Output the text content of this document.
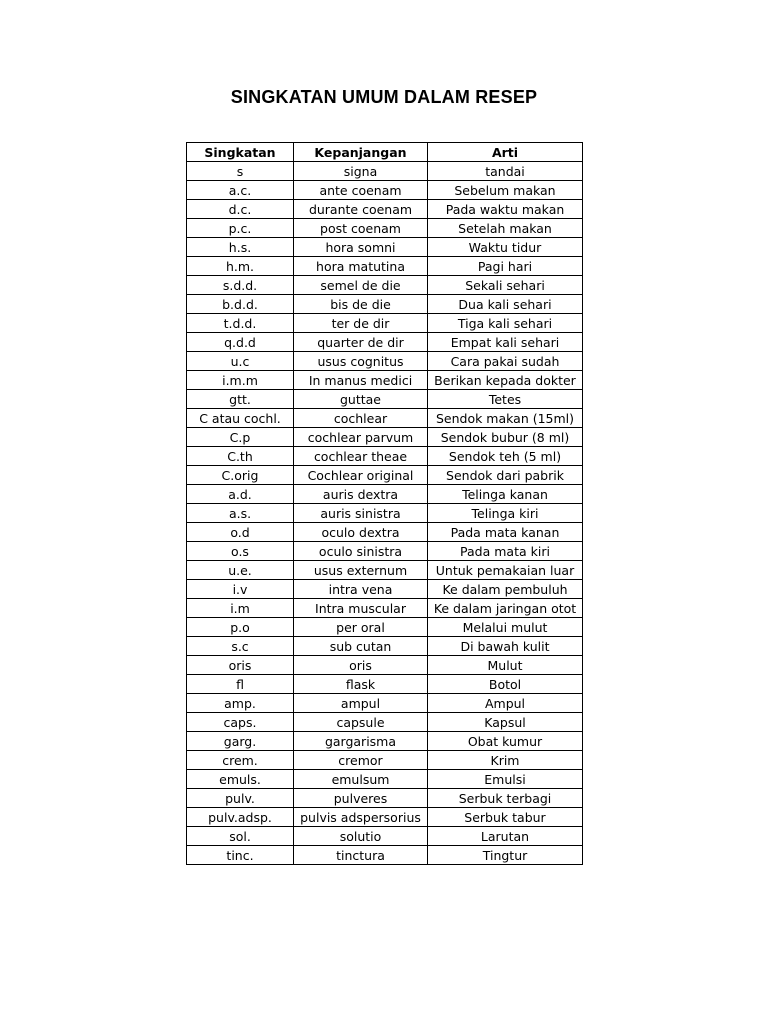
SINGKATAN UMUM DALAM RESEP
Singkatan	Kepanjangan	Arti
s	signa	tandai
a.c.	ante coenam	Sebelum makan
d.c.	durante coenam	Pada waktu makan
p.c.	post coenam	Setelah makan
h.s.	hora somni	Waktu tidur
h.m.	hora matutina	Pagi hari
s.d.d.	semel de die	Sekali sehari
b.d.d.	bis de die	Dua kali sehari
t.d.d.	ter de dir	Tiga kali sehari
q.d.d	quarter de dir	Empat kali sehari
u.c	usus cognitus	Cara pakai sudah
i.m.m	In manus medici	Berikan kepada dokter
gtt.	guttae	Tetes
C atau cochl.	cochlear	Sendok makan (15ml)
C.p	cochlear parvum	Sendok bubur (8 ml)
C.th	cochlear theae	Sendok teh (5 ml)
C.orig	Cochlear original	Sendok dari pabrik
a.d.	auris dextra	Telinga kanan
a.s.	auris sinistra	Telinga kiri
o.d	oculo dextra	Pada mata kanan
o.s	oculo sinistra	Pada mata kiri
u.e.	usus externum	Untuk pemakaian luar
i.v	intra vena	Ke dalam pembuluh
i.m	Intra muscular	Ke dalam jaringan otot
p.o	per oral	Melalui mulut
s.c	sub cutan	Di bawah kulit
oris	oris	Mulut
fl	flask	Botol
amp.	ampul	Ampul
caps.	capsule	Kapsul
garg.	gargarisma	Obat kumur
crem.	cremor	Krim
emuls.	emulsum	Emulsi
pulv.	pulveres	Serbuk terbagi
pulv.adsp.	pulvis adspersorius	Serbuk tabur
sol.	solutio	Larutan
tinc.	tinctura	Tingtur
